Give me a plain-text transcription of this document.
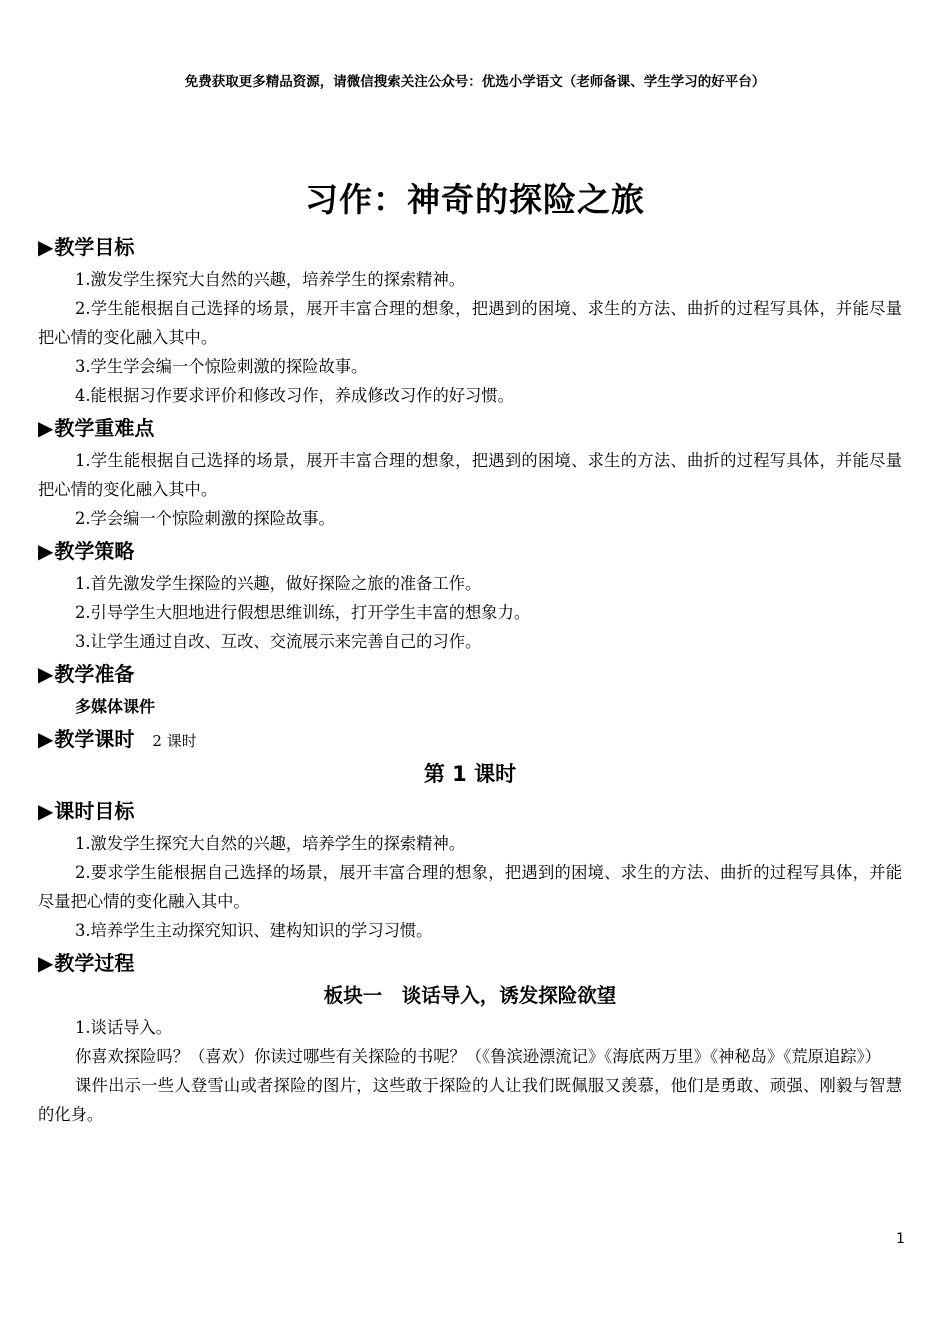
免费获取更多精品资源，请微信搜索关注公众号：优选小学语文（老师备课、学生学习的好平台）
习作：神奇的探险之旅
▶教学目标

1.激发学生探究大自然的兴趣，培养学生的探索精神。

2.学生能根据自己选择的场景，展开丰富合理的想象，把遇到的困境、求生的方法、曲折的过程写具体，并能尽量把心情的变化融入其中。

3.学生学会编一个惊险刺激的探险故事。

4.能根据习作要求评价和修改习作，养成修改习作的好习惯。

▶教学重难点

1.学生能根据自己选择的场景，展开丰富合理的想象，把遇到的困境、求生的方法、曲折的过程写具体，并能尽量把心情的变化融入其中。

2.学会编一个惊险刺激的探险故事。

▶教学策略

1.首先激发学生探险的兴趣，做好探险之旅的准备工作。

2.引导学生大胆地进行假想思维训练，打开学生丰富的想象力。

3.让学生通过自改、互改、交流展示来完善自己的习作。

▶教学准备
多媒体课件
▶教学课时 2 课时
第 1 课时
▶课时目标

1.激发学生探究大自然的兴趣，培养学生的探索精神。

2.要求学生能根据自己选择的场景，展开丰富合理的想象，把遇到的困境、求生的方法、曲折的过程写具体，并能尽量把心情的变化融入其中。

3.培养学生主动探究知识、建构知识的学习习惯。

▶教学过程
板块一　谈话导入，诱发探险欲望

1.谈话导入。

你喜欢探险吗？（喜欢）你读过哪些有关探险的书呢？（《鲁滨逊漂流记》《海底两万里》《神秘岛》《荒原追踪》）

课件出示一些人登雪山或者探险的图片，这些敢于探险的人让我们既佩服又羡慕，他们是勇敢、顽强、刚毅与智慧的化身。

1
